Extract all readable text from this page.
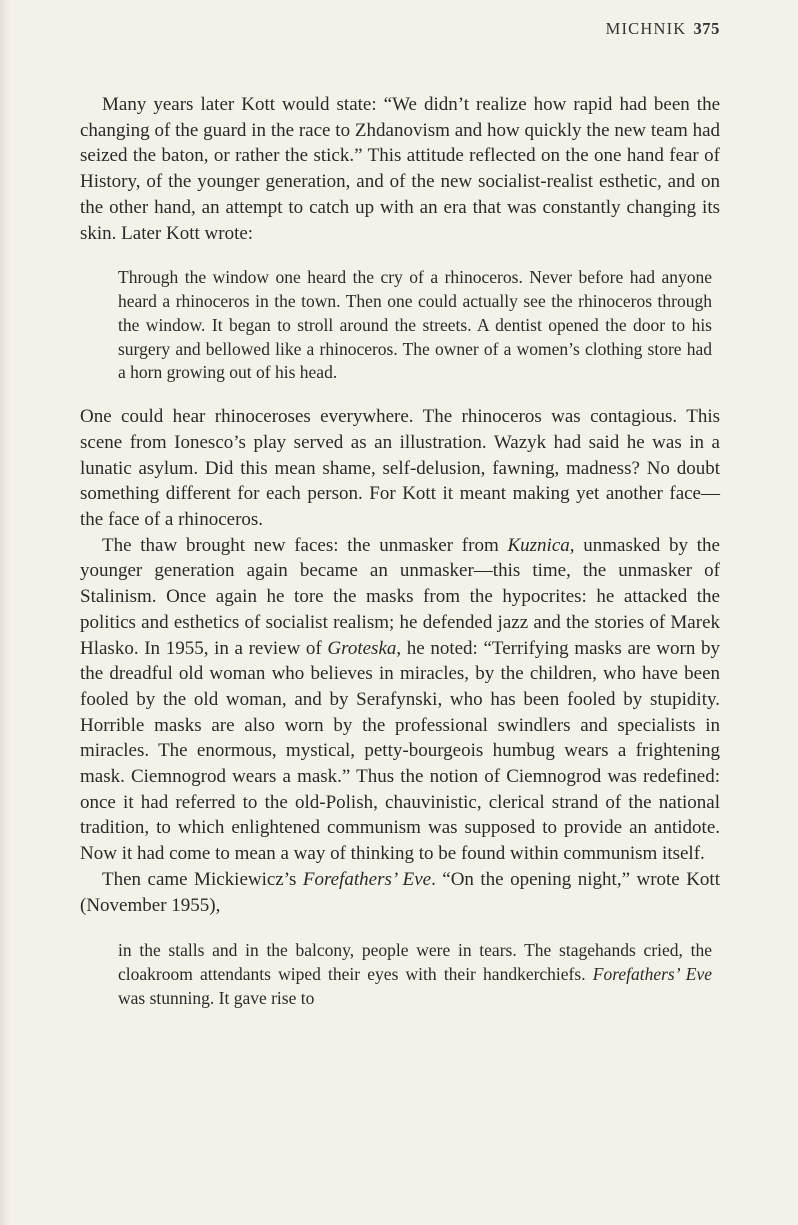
MICHNIK 375

Many years later Kott would state: “We didn’t realize how rapid had been the changing of the guard in the race to Zhdanovism and how quickly the new team had seized the baton, or rather the stick.” This attitude reflected on the one hand fear of History, of the younger generation, and of the new socialist-realist esthetic, and on the other hand, an attempt to catch up with an era that was constantly changing its skin. Later Kott wrote:

Through the window one heard the cry of a rhinoceros. Never before had anyone heard a rhinoceros in the town. Then one could actually see the rhinoceros through the window. It began to stroll around the streets. A dentist opened the door to his surgery and bellowed like a rhinoceros. The owner of a women’s clothing store had a horn growing out of his head.

One could hear rhinoceroses everywhere. The rhinoceros was contagious. This scene from Ionesco’s play served as an illustration. Wazyk had said he was in a lunatic asylum. Did this mean shame, self-delusion, fawning, madness? No doubt something different for each person. For Kott it meant making yet another face—the face of a rhinoceros.

The thaw brought new faces: the unmasker from Kuznica, unmasked by the younger generation again became an unmasker—this time, the unmasker of Stalinism. Once again he tore the masks from the hypocrites: he attacked the politics and esthetics of socialist realism; he defended jazz and the stories of Marek Hlasko. In 1955, in a review of Groteska, he noted: “Terrifying masks are worn by the dreadful old woman who believes in miracles, by the children, who have been fooled by the old woman, and by Serafynski, who has been fooled by stupidity. Horrible masks are also worn by the professional swindlers and specialists in miracles. The enormous, mystical, petty-bourgeois humbug wears a frightening mask. Ciemnogrod wears a mask.” Thus the notion of Ciemnogrod was redefined: once it had referred to the old-Polish, chauvinistic, clerical strand of the national tradition, to which enlightened communism was supposed to provide an antidote. Now it had come to mean a way of thinking to be found within communism itself.

Then came Mickiewicz’s Forefathers’ Eve. “On the opening night,” wrote Kott (November 1955),

in the stalls and in the balcony, people were in tears. The stagehands cried, the cloakroom attendants wiped their eyes with their handkerchiefs. Forefathers’ Eve was stunning. It gave rise to
